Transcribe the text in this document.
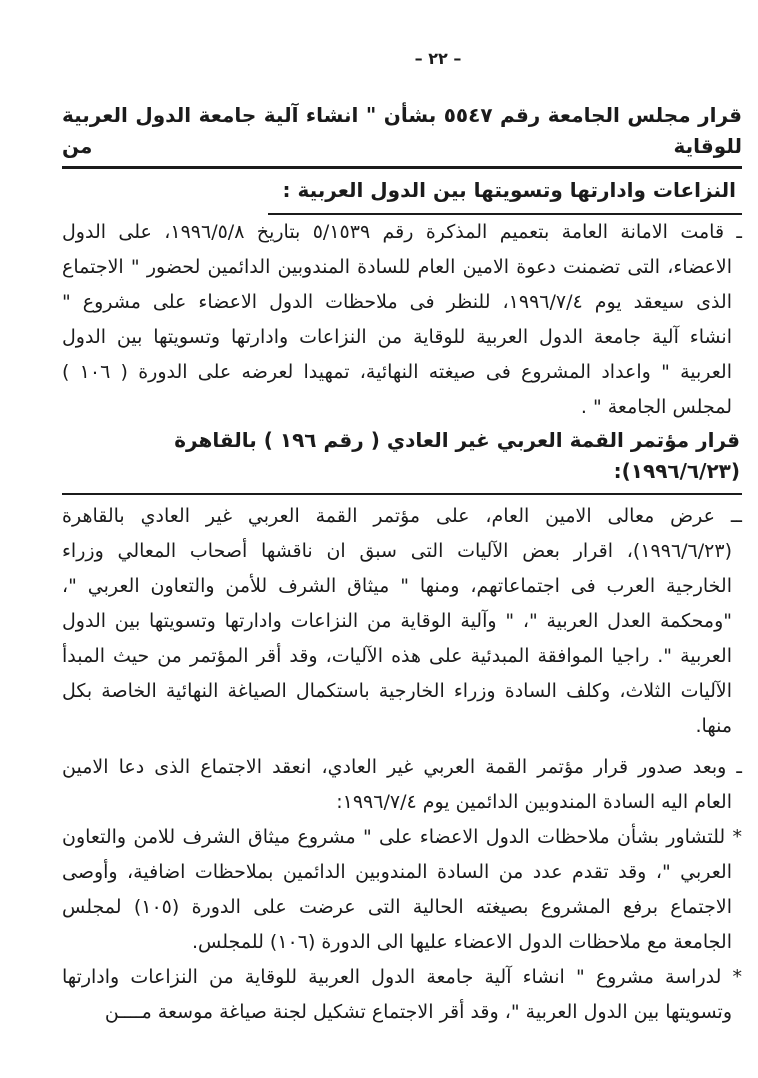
– ٢٢ –
قرار مجلس الجامعة رقم ٥٥٤٧ بشأن " انشاء آلية جامعة الدول العربية للوقاية من
النزاعات وادارتها وتسويتها بين الدول العربية :
ـ قامت الامانة العامة بتعميم المذكرة رقم ٥/١٥٣٩ بتاريخ ١٩٩٦/٥/٨، على الدول
الاعضاء، التى تضمنت دعوة الامين العام للسادة المندوبين الدائمين لحضور " الاجتماع
الذى سيعقد يوم ١٩٩٦/٧/٤، للنظر فى ملاحظات الدول الاعضاء على مشروع "
انشاء آلية جامعة الدول العربية للوقاية من النزاعات وادارتها وتسويتها بين الدول
العربية " واعداد المشروع فى صيغته النهائية، تمهيدا لعرضه على الدورة ( ١٠٦ )
لمجلس الجامعة " .
قرار مؤتمر القمة العربي غير العادي ( رقم ١٩٦ ) بالقاهرة (١٩٩٦/٦/٢٣):
ــ عرض معالى الامين العام، على مؤتمر القمة العربي غير العادي بالقاهرة
(١٩٩٦/٦/٢٣)، اقرار بعض الآليات التى سبق ان ناقشها أصحاب المعالي وزراء
الخارجية العرب فى اجتماعاتهم، ومنها " ميثاق الشرف للأمن والتعاون العربي "،
"ومحكمة العدل العربية "، " وآلية الوقاية من النزاعات وادارتها وتسويتها بين الدول
العربية ". راجيا الموافقة المبدئية على هذه الآليات، وقد أقر المؤتمر من حيث المبدأ
الآليات الثلاث، وكلف السادة وزراء الخارجية باستكمال الصياغة النهائية الخاصة بكل
منها.
ـ وبعد صدور قرار مؤتمر القمة العربي غير العادي، انعقد الاجتماع الذى دعا الامين
العام اليه السادة المندوبين الدائمين يوم ١٩٩٦/٧/٤:
* للتشاور بشأن ملاحظات الدول الاعضاء على " مشروع ميثاق الشرف للامن والتعاون
العربي "، وقد تقدم عدد من السادة المندوبين الدائمين بملاحظات اضافية، وأوصى
الاجتماع برفع المشروع بصيغته الحالية التى عرضت على الدورة (١٠٥) لمجلس
الجامعة مع ملاحظات الدول الاعضاء عليها الى الدورة (١٠٦) للمجلس.
* لدراسة مشروع " انشاء آلية جامعة الدول العربية للوقاية من النزاعات وادارتها
وتسويتها بين الدول العربية "، وقد أقر الاجتماع تشكيل لجنة صياغة موسعة مــــن
